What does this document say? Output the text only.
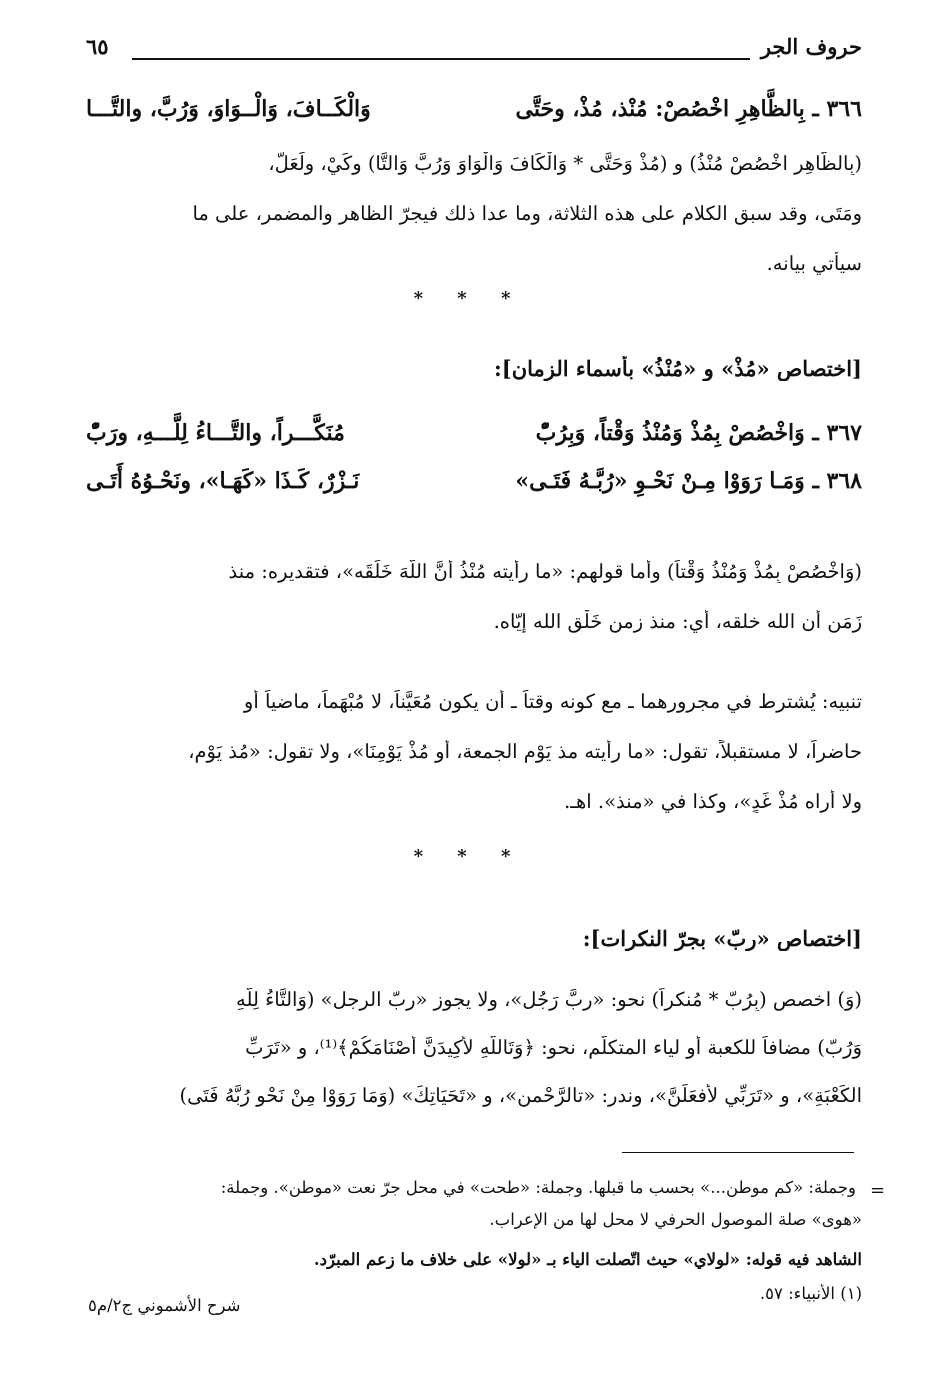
حروف الجر
٦٥
٣٦٦ ـ بِالظَّاهِرِ اخْصُصْ: مُنْذ، مُذْ، وحَتَّى
وَالْكَــافَ، وَالْــوَاوَ، وَرُبَّ، والتَّـــا
(بِالظَّاهِرِ اخْصُصْ مُنْذُ) و (مُذْ وَحَتَّى * وَالْكَافَ وَالْوَاوَ وَرُبَّ وَالتَّا) وكَيْ، ولَعَلَّ،
ومَتَى، وقد سبق الكلام على هذه الثلاثة، وما عدا ذلك فيجرّ الظاهر والمضمر، على ما
سيأتي بيانه.
* * *
[اختصاص «مُذْ» و «مُنْذُ» بأسماء الزمان]:
٣٦٧ ـ وَاخْصُصْ بِمُذْ وَمُنْذُ وَقْتاً، وَبِرُبّْ
مُنَكَّـــراً، والتَّـــاءُ لِلَّـــهِ، ورَبّْ
٣٦٨ ـ وَمَـا رَوَوْا مِـنْ نَحْـوِ «رُبَّـهُ فَتَـى»
نَـزْرٌ، كَـذَا «كَهَـا»، ونَحْـوُهُ أَتَـى
(وَاخْصُصْ بِمُذْ وَمُنْذُ وَقْتاً) وأما قولهم: «ما رأيته مُنْذُ أَنَّ اللَّهَ خَلَقَه»، فتقديره: منذ
زَمَنِ أن الله خلقه، أي: منذ زمن خَلْقِ الله إيّاه.
تنبيه: يُشترط في مجرورهما ـ مع كونه وقتاً ـ أن يكون مُعَيَّناً، لا مُبْهَماً، ماضياً أو
حاضراً، لا مستقبلاً، تقول: «ما رأيته مذ يَوْمِ الجمعة، أو مُذْ يَوْمِنَا»، ولا تقول: «مُذ يَوْمٍ،
ولا أراه مُذْ غَدٍ»، وكذا في «منذ». اهـ.
* * *
[اختصاص «ربّ» بجرّ النكرات]:
(وَ) اخصص (بِرُبّ * مُنكراً) نحو: «ربَّ رَجُلٍ»، ولا يجوز «ربّ الرجلِ» (وَالتَّاءُ لِلَّهِ
وَرُبّ) مضافاً للكعبة أو لياء المتكلّم، نحو: ﴿وَتَاللَّهِ لأَكِيدَنَّ أَصْنَامَكُمْ﴾⁽¹⁾، و «تَرَبِّ
الكَعْبَةِ»، و «تَرَبِّي لأفعَلَنَّ»، وندر: «تالرَّحْمنِ»، و «تَحَيَاتِكَ» (وَمَا رَوَوْا مِنْ نَحْوِ رُبَّهُ فَتَى)
=
وجملة: «كم موطن...» بحسب ما قبلها. وجملة: «طحت» في محل جرّ نعت «موطن». وجملة:
«هوى» صلة الموصول الحرفي لا محل لها من الإعراب.
الشاهد فيه قوله: «لولاي» حيث اتّصلت الياء بـ «لولا» على خلاف ما زعم المبرّد.
(١) الأنبياء: ٥٧.
شرح الأشموني ج٢/م٥
